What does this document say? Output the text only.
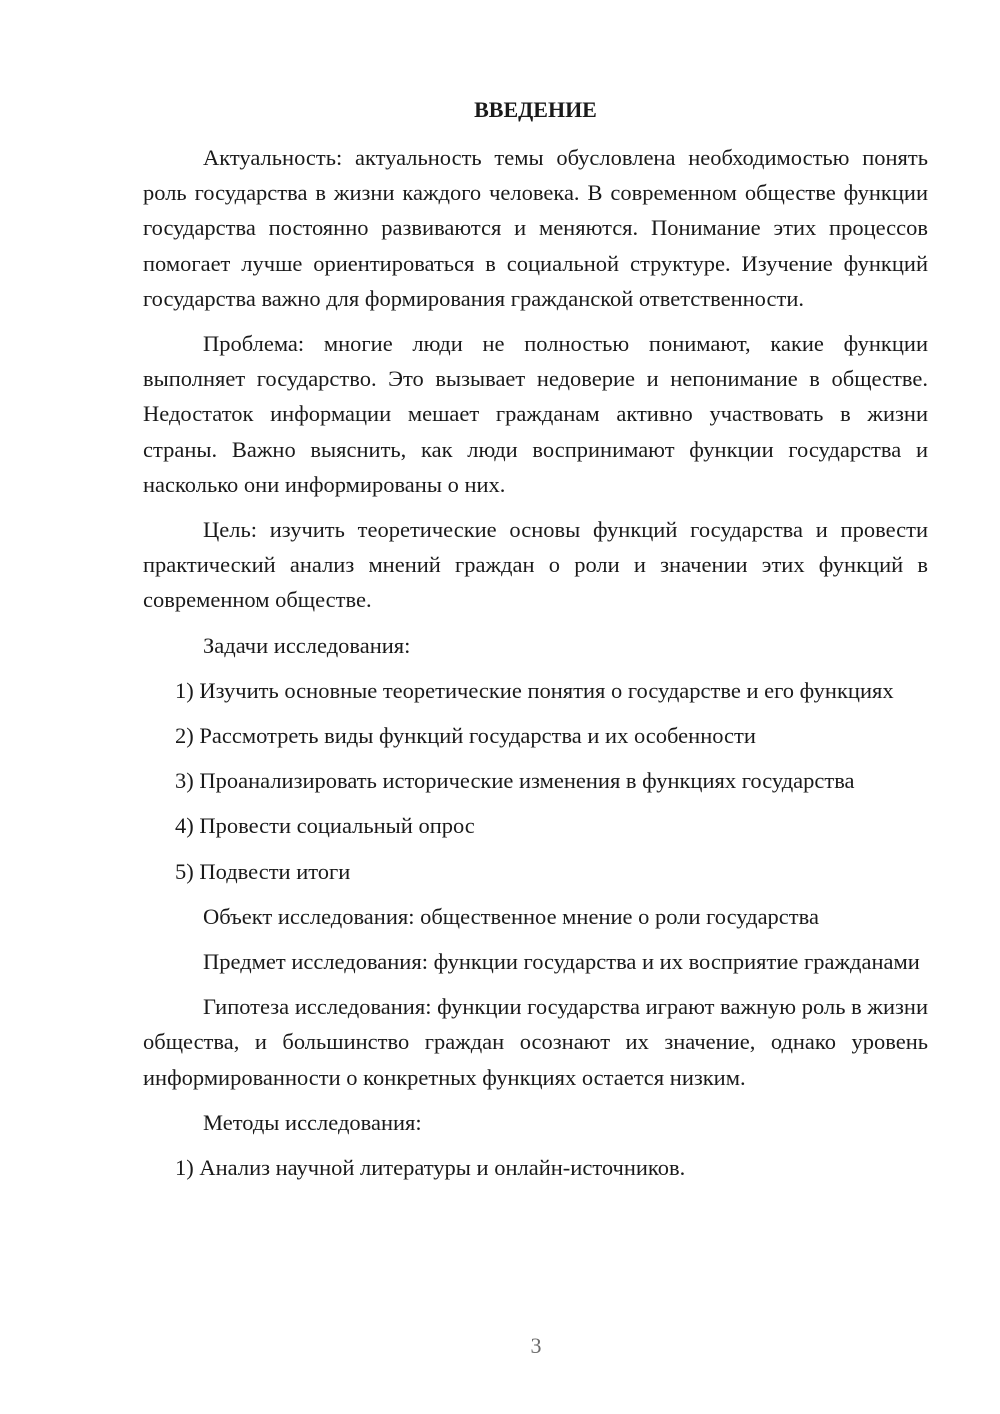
ВВЕДЕНИЕ

Актуальность: актуальность темы обусловлена необходимостью понять роль государства в жизни каждого человека. В современном обществе функции государства постоянно развиваются и меняются. Понимание этих процессов помогает лучше ориентироваться в социальной структуре. Изучение функций государства важно для формирования гражданской ответственности.

Проблема: многие люди не полностью понимают, какие функции выполняет государство. Это вызывает недоверие и непонимание в обществе. Недостаток информации мешает гражданам активно участвовать в жизни страны. Важно выяснить, как люди воспринимают функции государства и насколько они информированы о них.

Цель: изучить теоретические основы функций государства и провести практический анализ мнений граждан о роли и значении этих функций в современном обществе.

Задачи исследования:

1) Изучить основные теоретические понятия о государстве и его функциях

2) Рассмотреть виды функций государства и их особенности

3) Проанализировать исторические изменения в функциях государства

4) Провести социальный опрос

5) Подвести итоги

Объект исследования: общественное мнение о роли государства

Предмет исследования: функции государства и их восприятие гражданами

Гипотеза исследования: функции государства играют важную роль в жизни общества, и большинство граждан осознают их значение, однако уровень информированности о конкретных функциях остается низким.

Методы исследования:

1) Анализ научной литературы и онлайн-источников.

3
